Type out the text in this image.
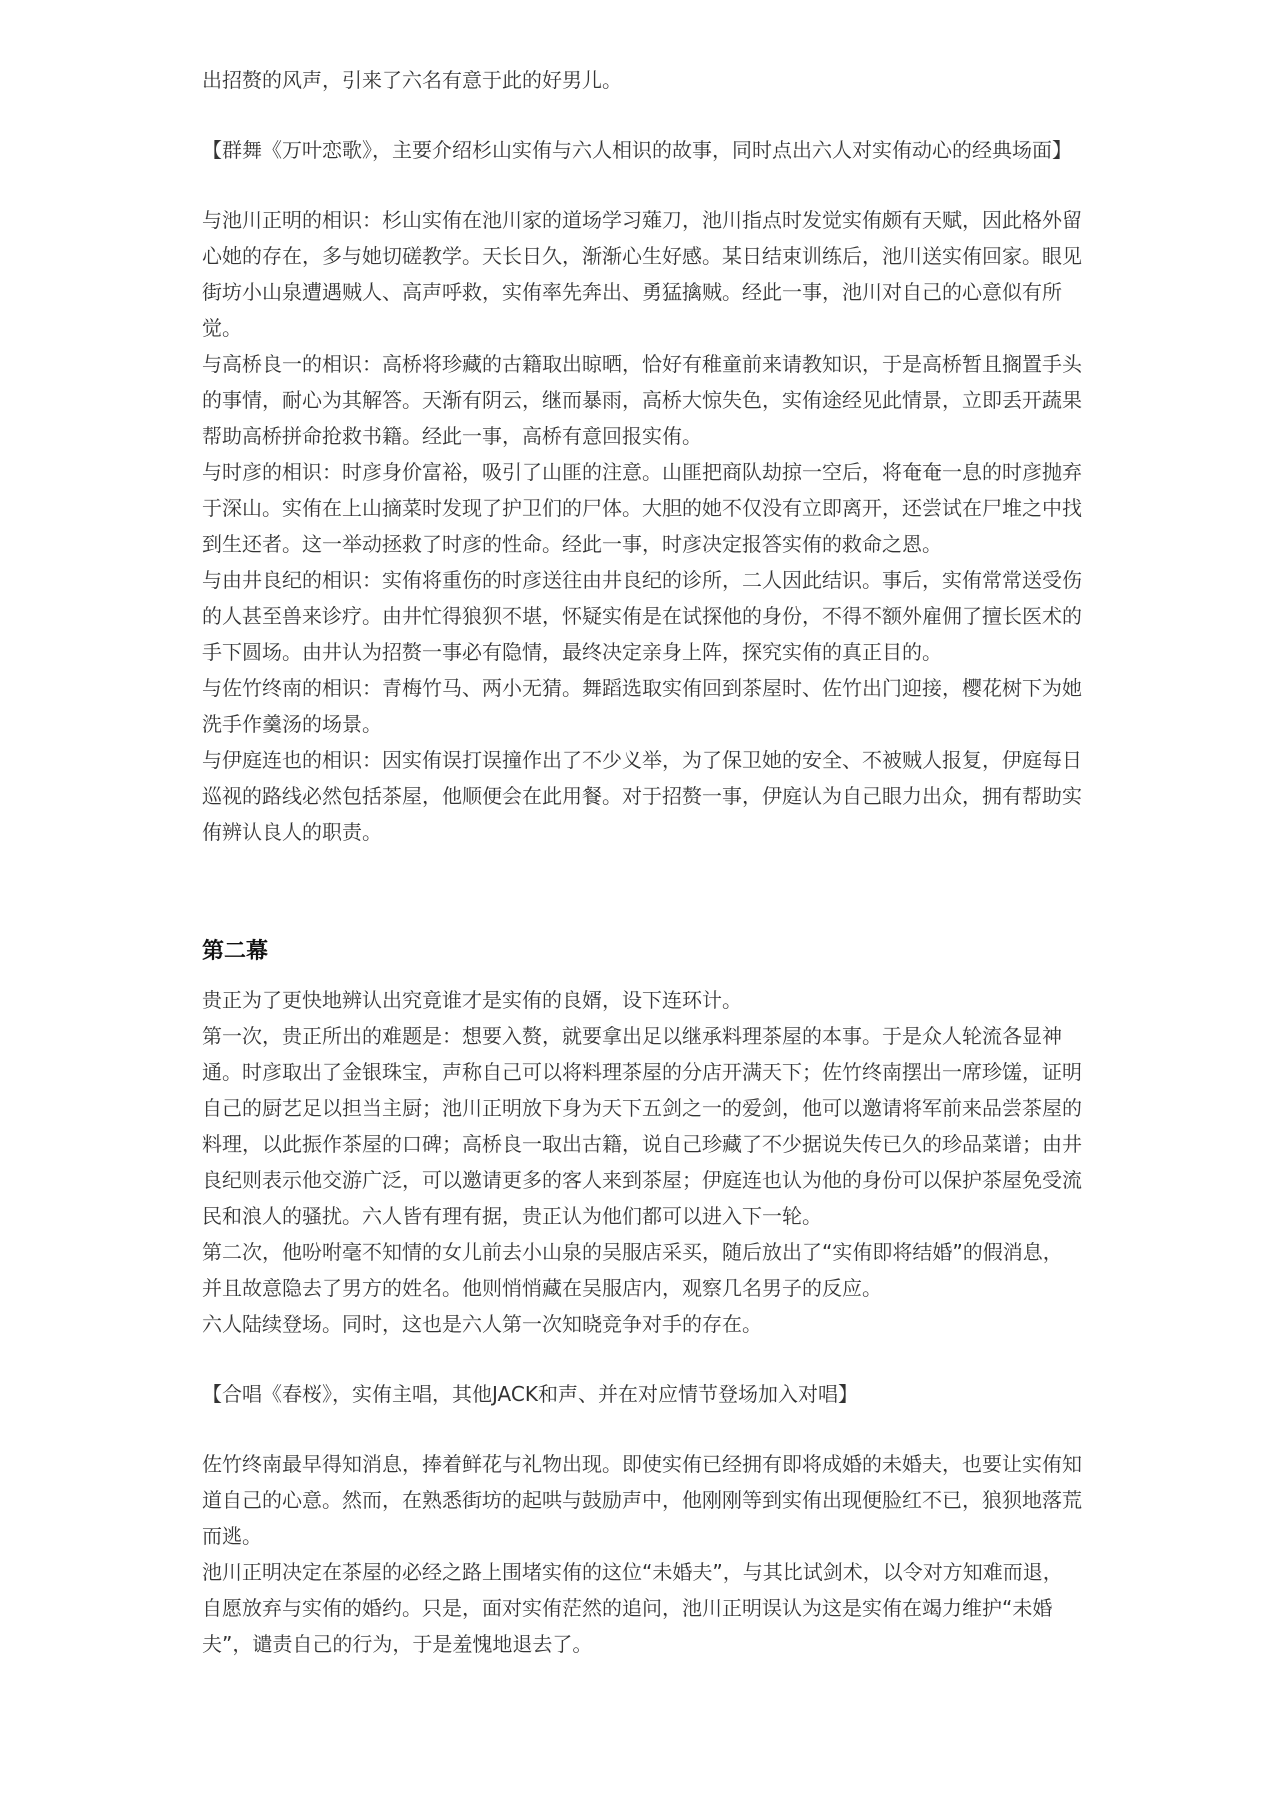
出招赘的风声，引来了六名有意于此的好男儿。

【群舞《万叶恋歌》，主要介绍杉山实侑与六人相识的故事，同时点出六人对实侑动心的经典场面】

与池川正明的相识：杉山实侑在池川家的道场学习薙刀，池川指点时发觉实侑颇有天赋，因此格外留心她的存在，多与她切磋教学。天长日久，渐渐心生好感。某日结束训练后，池川送实侑回家。眼见街坊小山泉遭遇贼人、高声呼救，实侑率先奔出、勇猛擒贼。经此一事，池川对自己的心意似有所觉。

与高桥良一的相识：高桥将珍藏的古籍取出晾晒，恰好有稚童前来请教知识，于是高桥暂且搁置手头的事情，耐心为其解答。天渐有阴云，继而暴雨，高桥大惊失色，实侑途经见此情景，立即丢开蔬果帮助高桥拼命抢救书籍。经此一事，高桥有意回报实侑。

与时彦的相识：时彦身价富裕，吸引了山匪的注意。山匪把商队劫掠一空后，将奄奄一息的时彦抛弃于深山。实侑在上山摘菜时发现了护卫们的尸体。大胆的她不仅没有立即离开，还尝试在尸堆之中找到生还者。这一举动拯救了时彦的性命。经此一事，时彦决定报答实侑的救命之恩。

与由井良纪的相识：实侑将重伤的时彦送往由井良纪的诊所，二人因此结识。事后，实侑常常送受伤的人甚至兽来诊疗。由井忙得狼狈不堪，怀疑实侑是在试探他的身份，不得不额外雇佣了擅长医术的手下圆场。由井认为招赘一事必有隐情，最终决定亲身上阵，探究实侑的真正目的。

与佐竹终南的相识：青梅竹马、两小无猜。舞蹈选取实侑回到茶屋时、佐竹出门迎接，樱花树下为她洗手作羹汤的场景。

与伊庭连也的相识：因实侑误打误撞作出了不少义举，为了保卫她的安全、不被贼人报复，伊庭每日巡视的路线必然包括茶屋，他顺便会在此用餐。对于招赘一事，伊庭认为自己眼力出众，拥有帮助实侑辨认良人的职责。

第二幕

贵正为了更快地辨认出究竟谁才是实侑的良婿，设下连环计。

第一次，贵正所出的难题是：想要入赘，就要拿出足以继承料理茶屋的本事。于是众人轮流各显神通。时彦取出了金银珠宝，声称自己可以将料理茶屋的分店开满天下；佐竹终南摆出一席珍馐，证明自己的厨艺足以担当主厨；池川正明放下身为天下五剑之一的爱剑，他可以邀请将军前来品尝茶屋的料理，以此振作茶屋的口碑；高桥良一取出古籍，说自己珍藏了不少据说失传已久的珍品菜谱；由井良纪则表示他交游广泛，可以邀请更多的客人来到茶屋；伊庭连也认为他的身份可以保护茶屋免受流民和浪人的骚扰。六人皆有理有据，贵正认为他们都可以进入下一轮。

第二次，他吩咐毫不知情的女儿前去小山泉的吴服店采买，随后放出了“实侑即将结婚”的假消息，并且故意隐去了男方的姓名。他则悄悄藏在吴服店内，观察几名男子的反应。

六人陆续登场。同时，这也是六人第一次知晓竞争对手的存在。

【合唱《春桜》，实侑主唱，其他JACK和声、并在对应情节登场加入对唱】

佐竹终南最早得知消息，捧着鲜花与礼物出现。即使实侑已经拥有即将成婚的未婚夫，也要让实侑知道自己的心意。然而，在熟悉街坊的起哄与鼓励声中，他刚刚等到实侑出现便脸红不已，狼狈地落荒而逃。

池川正明决定在茶屋的必经之路上围堵实侑的这位“未婚夫”，与其比试剑术，以令对方知难而退，自愿放弃与实侑的婚约。只是，面对实侑茫然的追问，池川正明误认为这是实侑在竭力维护“未婚夫”，谴责自己的行为，于是羞愧地退去了。
